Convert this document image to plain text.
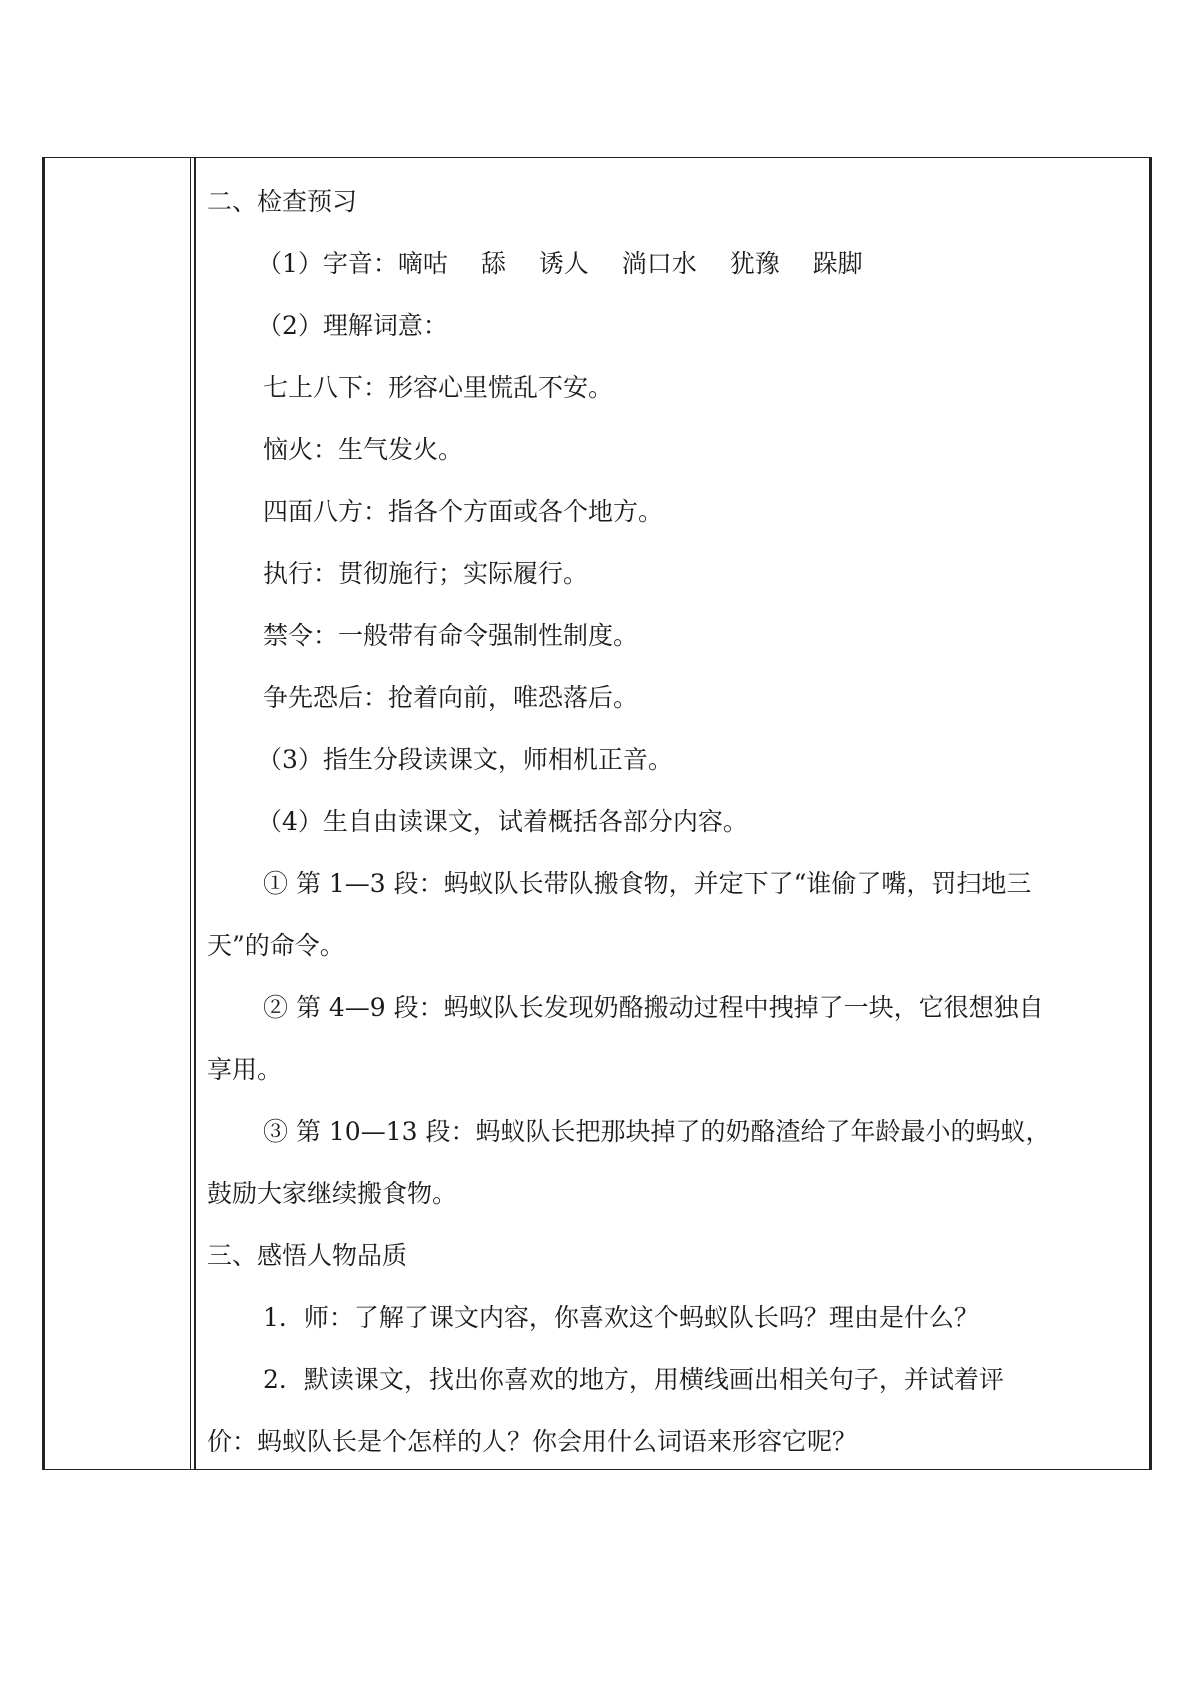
二、检查预习
（1）字音：嘀咕　 舔　 诱人　 淌口水　 犹豫　 跺脚
（2）理解词意：
七上八下：形容心里慌乱不安。
恼火：生气发火。
四面八方：指各个方面或各个地方。
执行：贯彻施行；实际履行。
禁令：一般带有命令强制性制度。
争先恐后：抢着向前，唯恐落后。
（3）指生分段读课文，师相机正音。
（4）生自由读课文，试着概括各部分内容。
① 第 1—3 段：蚂蚁队长带队搬食物，并定下了“谁偷了嘴，罚扫地三
天”的命令。
② 第 4—9 段：蚂蚁队长发现奶酪搬动过程中拽掉了一块，它很想独自
享用。
③ 第 10—13 段：蚂蚁队长把那块掉了的奶酪渣给了年龄最小的蚂蚁，
鼓励大家继续搬食物。
三、感悟人物品质
1．师：了解了课文内容，你喜欢这个蚂蚁队长吗？理由是什么？
2．默读课文，找出你喜欢的地方，用横线画出相关句子，并试着评
价：蚂蚁队长是个怎样的人？你会用什么词语来形容它呢？
